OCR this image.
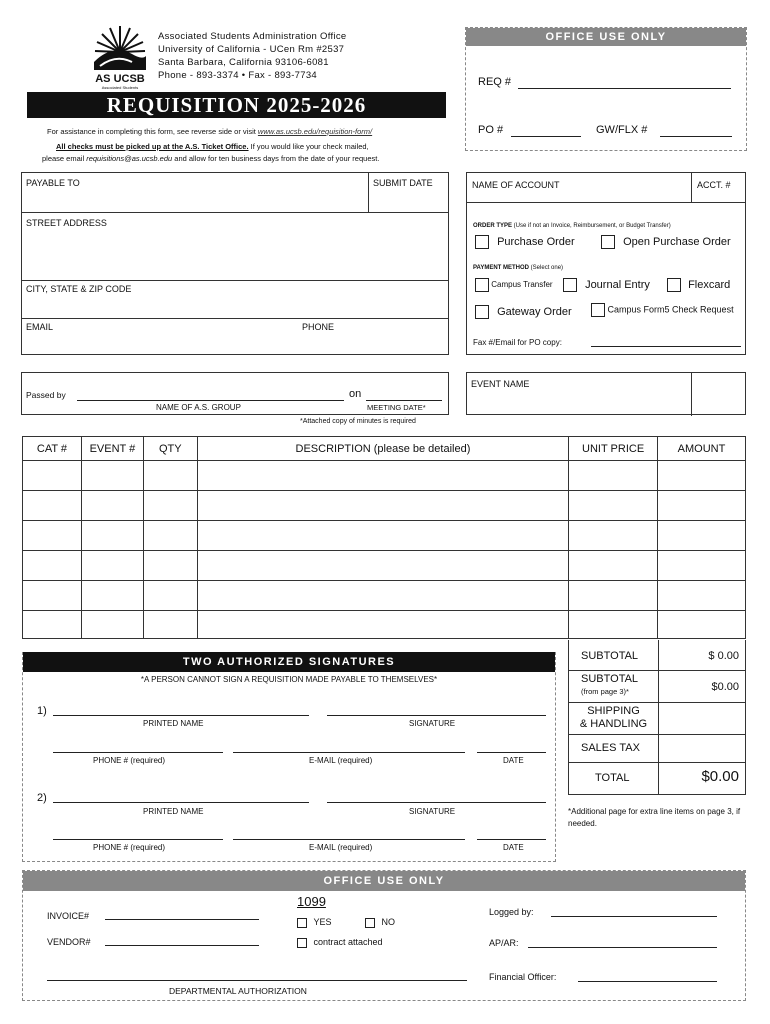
AS UCSB
Associated Students
Associated Students Administration Office
University of California - UCen Rm #2537
Santa Barbara, California 93106-6081
Phone - 893-3374 • Fax - 893-7734
REQUISITION 2025-2026
For assistance in completing this form, see reverse side or visit www.as.ucsb.edu/requisition-form/
All checks must be picked up at the A.S. Ticket Office. If you would like your check mailed,
please email requisitions@as.ucsb.edu and allow for ten business days from the date of your request.
OFFICE USE ONLY
REQ #
PO #	GW/FLX #
PAYABLE TO	SUBMIT DATE
STREET ADDRESS
CITY, STATE & ZIP CODE
EMAIL	PHONE
NAME OF ACCOUNT	ACCT. #
ORDER TYPE (Use if not an Invoice, Reimbursement, or Budget Transfer)
Purchase Order	Open Purchase Order
PAYMENT METHOD (Select one)
Campus Transfer	Journal Entry	Flexcard
Gateway Order	Campus Form5 Check Request
Fax #/Email for PO copy:
Passed by	on
NAME OF A.S. GROUP	MEETING DATE*
*Attached copy of minutes is required
EVENT NAME
CAT #	EVENT #	QTY	DESCRIPTION (please be detailed)	UNIT PRICE	AMOUNT

TWO AUTHORIZED SIGNATURES
*A PERSON CANNOT SIGN A REQUISITION MADE PAYABLE TO THEMSELVES*
1)
PRINTED NAME	SIGNATURE
PHONE # (required)	E-MAIL (required)	DATE
2)
PRINTED NAME	SIGNATURE
PHONE # (required)	E-MAIL (required)	DATE
SUBTOTAL	$ 0.00
SUBTOTAL
(from page 3)*	$0.00
SHIPPING
& HANDLING
SALES TAX
TOTAL	$0.00
*Additional page for extra line items on page 3, if needed.
OFFICE USE ONLY
INVOICE#
VENDOR#
1099
YES	NO
contract attached
Logged by:
AP/AR:
Financial Officer:
DEPARTMENTAL AUTHORIZATION
